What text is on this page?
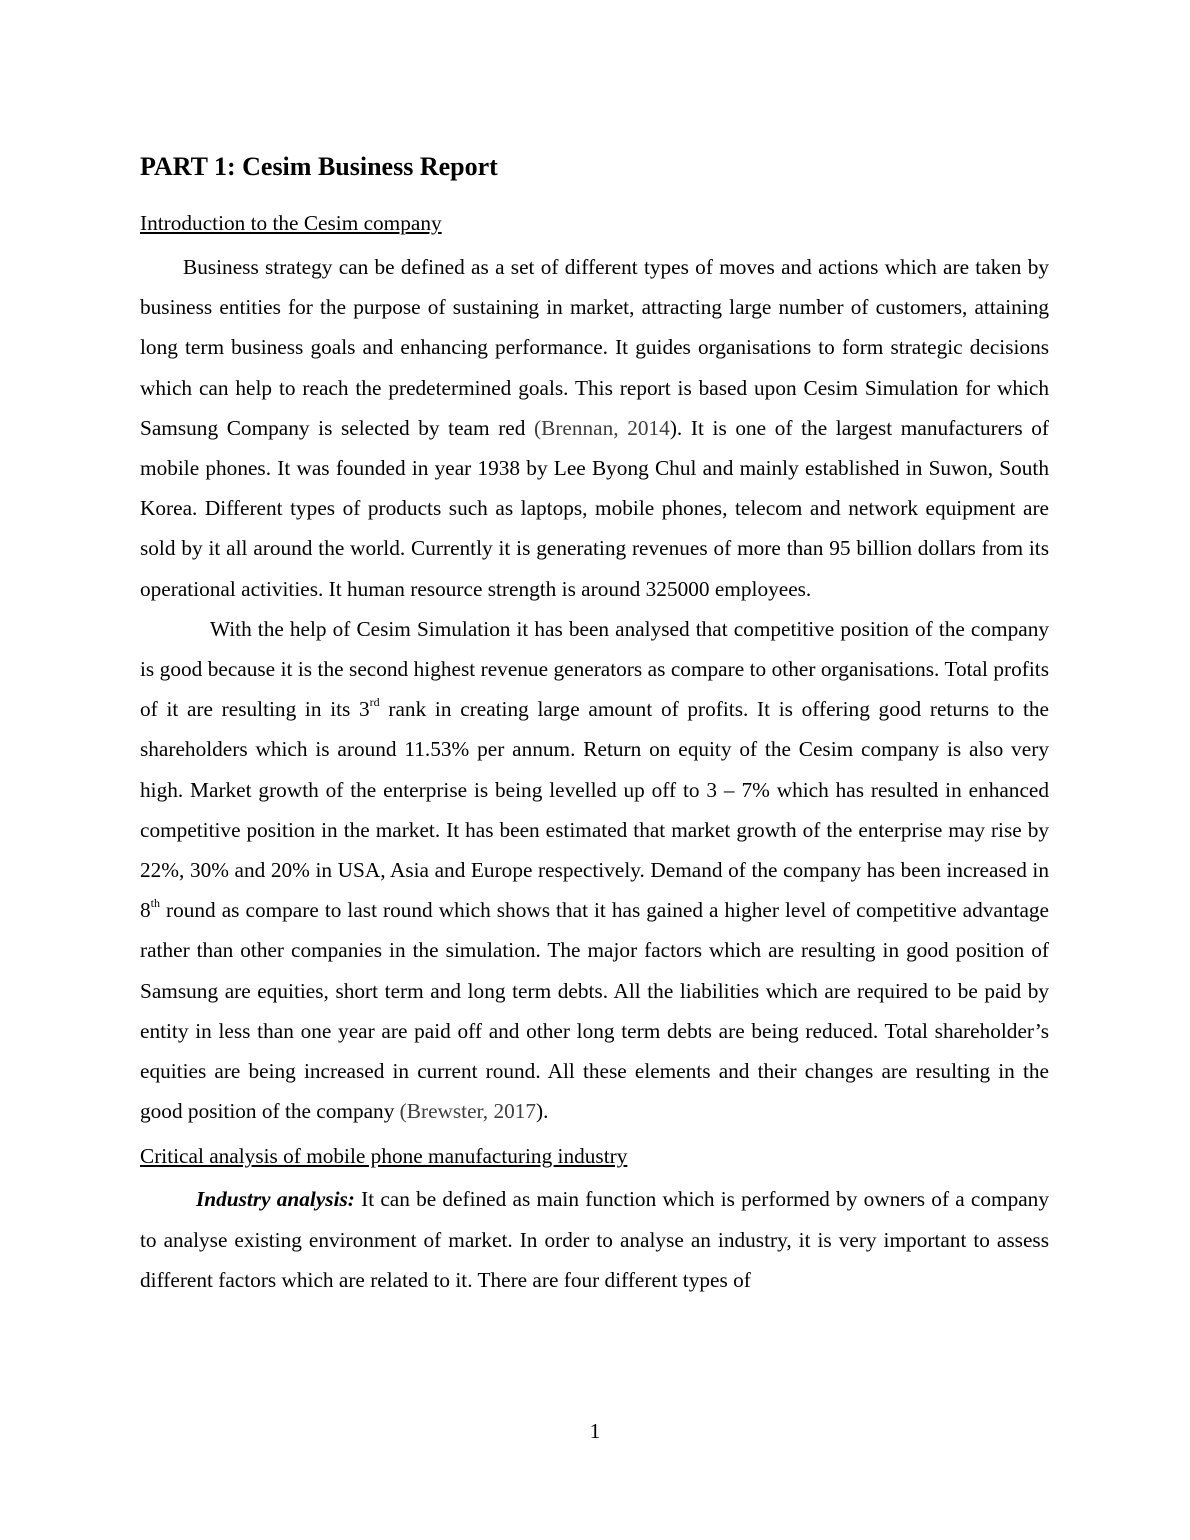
PART 1: Cesim Business Report

Introduction to the Cesim company

Business strategy can be defined as a set of different types of moves and actions which are taken by business entities for the purpose of sustaining in market, attracting large number of customers, attaining long term business goals and enhancing performance. It guides organisations to form strategic decisions which can help to reach the predetermined goals. This report is based upon Cesim Simulation for which Samsung Company is selected by team red (Brennan, 2014). It is one of the largest manufacturers of mobile phones. It was founded in year 1938 by Lee Byong Chul and mainly established in Suwon, South Korea. Different types of products such as laptops, mobile phones, telecom and network equipment are sold by it all around the world. Currently it is generating revenues of more than 95 billion dollars from its operational activities. It human resource strength is around 325000 employees.

With the help of Cesim Simulation it has been analysed that competitive position of the company is good because it is the second highest revenue generators as compare to other organisations. Total profits of it are resulting in its 3rd rank in creating large amount of profits. It is offering good returns to the shareholders which is around 11.53% per annum. Return on equity of the Cesim company is also very high. Market growth of the enterprise is being levelled up off to 3 – 7% which has resulted in enhanced competitive position in the market. It has been estimated that market growth of the enterprise may rise by 22%, 30% and 20% in USA, Asia and Europe respectively. Demand of the company has been increased in 8th round as compare to last round which shows that it has gained a higher level of competitive advantage rather than other companies in the simulation. The major factors which are resulting in good position of Samsung are equities, short term and long term debts. All the liabilities which are required to be paid by entity in less than one year are paid off and other long term debts are being reduced. Total shareholder’s equities are being increased in current round. All these elements and their changes are resulting in the good position of the company (Brewster, 2017).

Critical analysis of mobile phone manufacturing industry

Industry analysis: It can be defined as main function which is performed by owners of a company to analyse existing environment of market. In order to analyse an industry, it is very important to assess different factors which are related to it. There are four different types of

1
